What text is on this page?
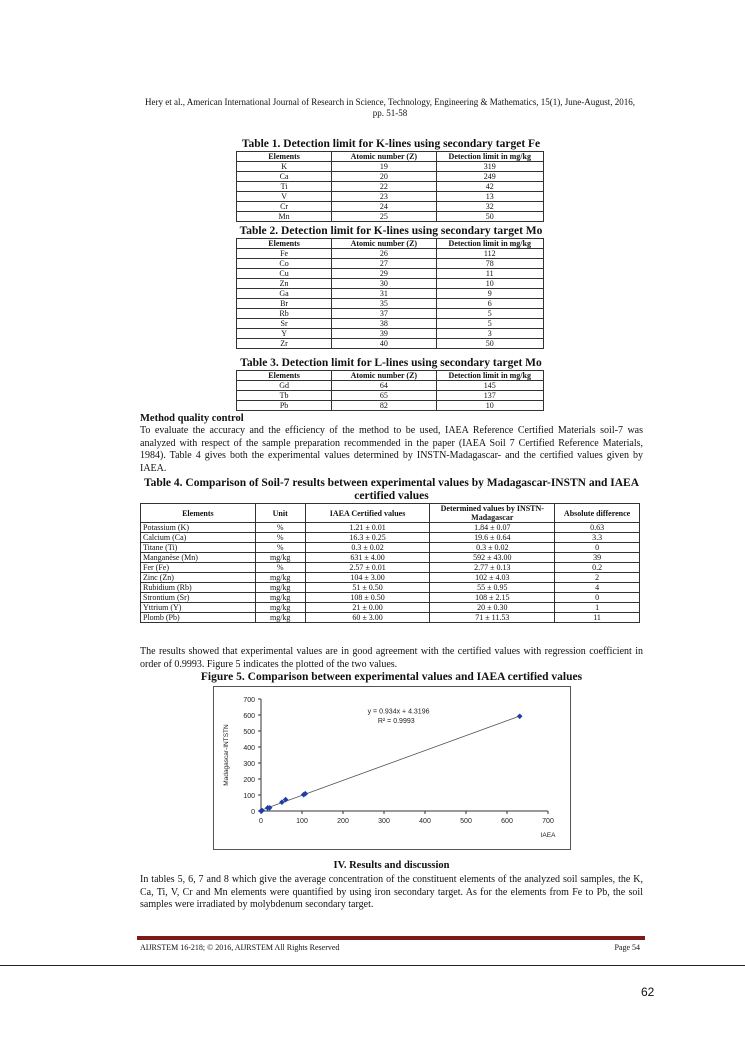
Hery et al., American International Journal of Research in Science, Technology, Engineering & Mathematics, 15(1), June-August, 2016,
pp. 51-58
Table 1. Detection limit for K-lines using secondary target Fe
Elements	Atomic number (Z)	Detection limit in mg/kg
K	19	319
Ca	20	249
Ti	22	42
V	23	13
Cr	24	32
Mn	25	50
Table 2. Detection limit for K-lines using secondary target Mo
Elements	Atomic number (Z)	Detection limit in mg/kg
Fe	26	112
Co	27	78
Cu	29	11
Zn	30	10
Ga	31	9
Br	35	6
Rb	37	5
Sr	38	5
Y	39	3
Zr	40	50
Table 3. Detection limit for L-lines using secondary target Mo
Elements	Atomic number (Z)	Detection limit in mg/kg
Gd	64	145
Tb	65	137
Pb	82	10
Method quality control
To evaluate the accuracy and the efficiency of the method to be used, IAEA Reference Certified Materials soil-7 was analyzed with respect of the sample preparation recommended in the paper (IAEA Soil 7 Certified Reference Materials, 1984). Table 4 gives both the experimental values determined by INSTN-Madagascar- and the certified values given by IAEA.
Table 4. Comparison of Soil-7 results between experimental values by Madagascar-INSTN and IAEA certified values
Elements	Unit	IAEA Certified values	Determined values by INSTN-Madagascar	Absolute difference
Potassium (K)	%	1.21 ± 0.01	1.84 ± 0.07	0.63
Calcium (Ca)	%	16.3 ± 0.25	19.6 ± 0.64	3.3
Titane (Ti)	%	0.3 ± 0.02	0.3 ± 0.02	0
Manganèse (Mn)	mg/kg	631 ± 4.00	592 ± 43.00	39
Fer (Fe)	%	2.57 ± 0.01	2.77 ± 0.13	0.2
Zinc (Zn)	mg/kg	104 ± 3.00	102 ± 4.03	2
Rubidium (Rb)	mg/kg	51 ± 0.50	55 ± 0.95	4
Strontium (Sr)	mg/kg	108 ± 0.50	108 ± 2.15	0
Yttrium (Y)	mg/kg	21 ± 0.00	20 ± 0.30	1
Plomb (Pb)	mg/kg	60 ± 3.00	71 ± 11.53	11
The results showed that experimental values are in good agreement with the certified values with regression coefficient in order of 0.9993. Figure 5 indicates the plotted of the two values.
Figure 5. Comparison between experimental values and IAEA certified values
0
100
200
300
400
500
600
700
0	100	200	300	400	500	600	700
Madagascar-INTSTN
IAEA
y = 0.934x + 4.3196
R² = 0.9993
IV. Results and discussion
In tables 5, 6, 7 and 8 which give the average concentration of the constituent elements of the analyzed soil samples, the K, Ca, Ti, V, Cr and Mn elements were quantified by using iron secondary target. As for the elements from Fe to Pb, the soil samples were irradiated by molybdenum secondary target.
AIJRSTEM 16-218; © 2016, AIJRSTEM All Rights Reserved	Page 54
62
